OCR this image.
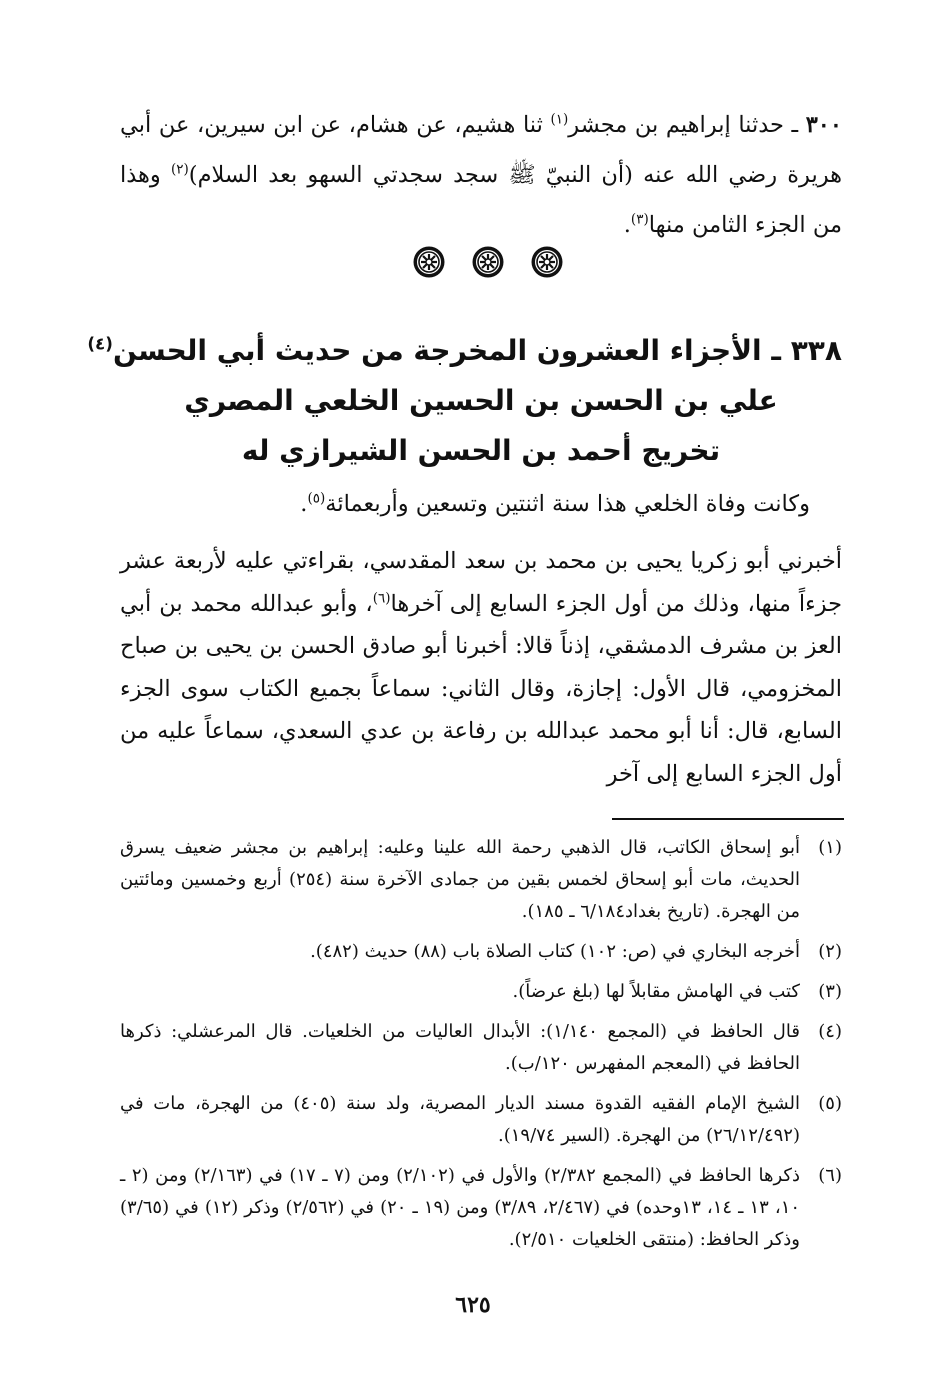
٣٠٠ ـ حدثنا إبراهيم بن مجشر$^{(١)}$ ثنا هشيم، عن هشام، عن ابن سيرين، عن أبي هريرة رضي الله عنه (أن النبيّ ﷺ سجد سجدتي السهو بعد السلام)$^{(٢)}$ وهذا من الجزء الثامن منها$^{(٣)}$.
٣٣٨ ـ الأجزاء العشرون المخرجة من حديث أبي الحسن$^{(٤)}$
علي بن الحسن بن الحسين الخلعي المصري
تخريج أحمد بن الحسن الشيرازي له
وكانت وفاة الخلعي هذا سنة اثنتين وتسعين وأربعمائة$^{(٥)}$.
أخبرني أبو زكريا يحيى بن محمد بن سعد المقدسي، بقراءتي عليه لأربعة عشر جزءاً منها، وذلك من أول الجزء السابع إلى آخرها$^{(٦)}$، وأبو عبدالله محمد بن أبي العز بن مشرف الدمشقي، إذناً قالا: أخبرنا أبو صادق الحسن بن يحيى بن صباح المخزومي، قال الأول: إجازة، وقال الثاني: سماعاً بجميع الكتاب سوى الجزء السابع، قال: أنا أبو محمد عبدالله بن رفاعة بن عدي السعدي، سماعاً عليه من أول الجزء السابع إلى آخر
(١)
أبو إسحاق الكاتب، قال الذهبي رحمة الله علينا وعليه: إبراهيم بن مجشر ضعيف يسرق الحديث، مات أبو إسحاق لخمس بقين من جمادى الآخرة سنة (٢٥٤) أربع وخمسين ومائتين من الهجرة. (تاريخ بغداد٦/١٨٤ ـ ١٨٥).
(٢)
أخرجه البخاري في (ص: ١٠٢) كتاب الصلاة باب (٨٨) حديث (٤٨٢).
(٣)
كتب في الهامش مقابلاً لها (بلغ عرضاً).
(٤)
قال الحافظ في (المجمع ١/١٤٠): الأبدال العاليات من الخلعيات. قال المرعشلي: ذكرها الحافظ في (المعجم المفهرس ١٢٠/ب).
(٥)
الشيخ الإمام الفقيه القدوة مسند الديار المصرية، ولد سنة (٤٠٥) من الهجرة، مات في (٢٦/١٢/٤٩٢) من الهجرة. (السير ١٩/٧٤).
(٦)
ذكرها الحافظ في (المجمع ٢/٣٨٢) والأول في (٢/١٠٢) ومن (٧ ـ ١٧) في (٢/١٦٣) ومن (٢ ـ ١٠، ١٣ ـ ١٤، ١٣وحده) في (٢/٤٦٧، ٣/٨٩) ومن (١٩ ـ ٢٠) في (٢/٥٦٢) وذكر (١٢) في (٣/٦٥) وذكر الحافظ: (منتقى الخلعيات ٢/٥١٠).
٦٢٥
